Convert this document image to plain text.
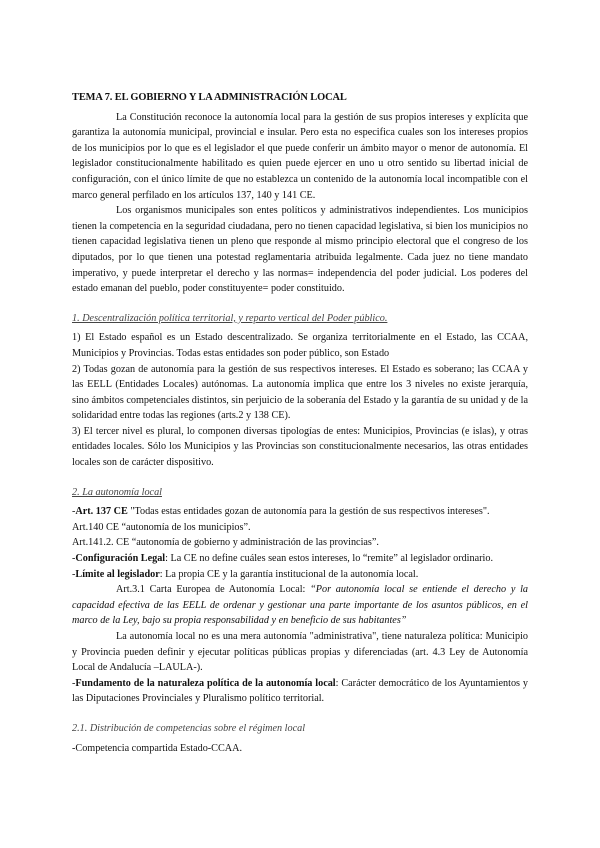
TEMA 7. EL GOBIERNO Y LA ADMINISTRACIÓN LOCAL

La Constitución reconoce la autonomía local para la gestión de sus propios intereses y explícita que garantiza la autonomía municipal, provincial e insular. Pero esta no especifica cuales son los intereses propios de los municipios por lo que es el legislador el que puede conferir un ámbito mayor o menor de autonomía. El legislador constitucionalmente habilitado es quien puede ejercer en uno u otro sentido su libertad inicial de configuración, con el único límite de que no establezca un contenido de la autonomía local incompatible con el marco general perfilado en los artículos 137, 140 y 141 CE.

Los organismos municipales son entes políticos y administrativos independientes. Los municipios tienen la competencia en la seguridad ciudadana, pero no tienen capacidad legislativa, si bien los municipios no tienen capacidad legislativa tienen un pleno que responde al mismo principio electoral que el congreso de los diputados, por lo que tienen una potestad reglamentaria atribuida legalmente. Cada juez no tiene mandato imperativo, y puede interpretar el derecho y las normas= independencia del poder judicial. Los poderes del estado emanan del pueblo, poder constituyente= poder constituido.

1. Descentralización política territorial, y reparto vertical del Poder público.

1) El Estado español es un Estado descentralizado. Se organiza territorialmente en el Estado, las CCAA, Municipios y Provincias. Todas estas entidades son poder público, son Estado

2) Todas gozan de autonomía para la gestión de sus respectivos intereses. El Estado es soberano; las CCAA y las EELL (Entidades Locales) autónomas. La autonomía implica que entre los 3 niveles no existe jerarquía, sino ámbitos competenciales distintos, sin perjuicio de la soberanía del Estado y la garantía de su unidad y de la solidaridad entre todas las regiones (arts.2 y 138 CE).

3) El tercer nivel es plural, lo componen diversas tipologías de entes: Municipios, Provincias (e islas), y otras entidades locales. Sólo los Municipios y las Provincias son constitucionalmente necesarios, las otras entidades locales son de carácter dispositivo.

2. La autonomía local

-Art. 137 CE "Todas estas entidades gozan de autonomía para la gestión de sus respectivos intereses".

Art.140 CE “autonomía de los municipios”.

Art.141.2. CE “autonomía de gobierno y administración de las provincias”.

-Configuración Legal: La CE no define cuáles sean estos intereses, lo “remite” al legislador ordinario.

-Límite al legislador: La propia CE y la garantía institucional de la autonomía local.

Art.3.1 Carta Europea de Autonomía Local: “Por autonomía local se entiende el derecho y la capacidad efectiva de las EELL de ordenar y gestionar una parte importante de los asuntos públicos, en el marco de la Ley, bajo su propia responsabilidad y en beneficio de sus habitantes”

La autonomía local no es una mera autonomía "administrativa", tiene naturaleza política: Municipio y Provincia pueden definir y ejecutar políticas públicas propias y diferenciadas (art. 4.3 Ley de Autonomía Local de Andalucía –LAULA-).

-Fundamento de la naturaleza política de la autonomía local: Carácter democrático de los Ayuntamientos y las Diputaciones Provinciales y Pluralismo político territorial.

2.1. Distribución de competencias sobre el régimen local

-Competencia compartida Estado-CCAA.
